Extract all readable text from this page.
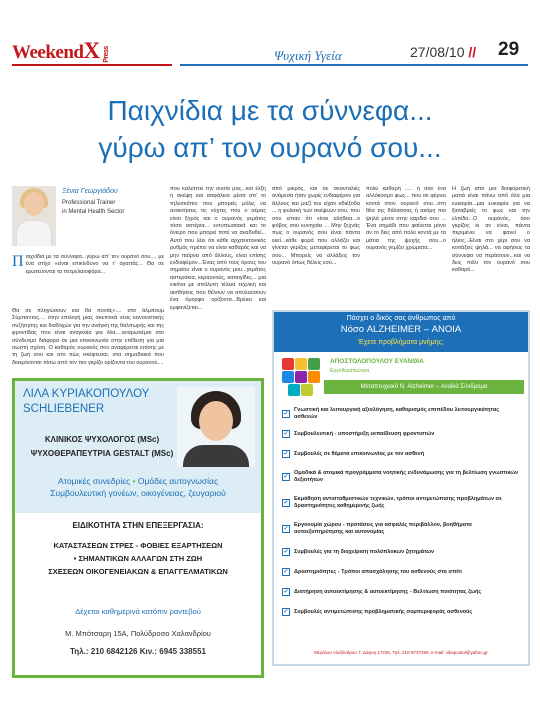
WeekendX Press	Ψυχική Υγεία	27/08/10 // 29
Παιχνίδια με τα σύννεφα...
γύρω απ’ τον ουρανό σου...
Ξένια Γεωργιάδου
Professional Trainer
in Mental Health Sector
Παιχνίδια με τα σύννεφα...γύρω απ’ τον ουρανό σου.... με ένα στίχο «είναι επικίνδυνο να τ’ αγαπάς... Θα σε ερωτεύονται τα πετρελαιοφόρα...
Θα σε πληγώσουν και θα πονάς».... στο άλμπουμ Σύμπαντος.... στην επιλογή μιας σκεπτικά νέας κανονιστικής συζήτησης και διαδοχών για την ανάγκη της θαλπωρής και της φροντίδας που είναι αναγκαία για όλα....αναρωτιέμαι στο σύνδεσμο διάφορα σε μια επικοινωνία στην επίθεση για μια σωστή σχέση. Ο καθαρός ουρανός σου αναφέρεται επίσης με τη ζωή σου και στο πώς σκέφτεσαι, στα σημαδιακά που διακρίνονται πίσω από τον πιο γκρίζο ορίζοντα του ουρανού....
που καλύπτει την ουσία μας...και έλξη η σκέψη και ασφάλεια μέσα απ’ το τηλεσκόπιο που μπορείς μόλις να ανακτήσεις τις νύχτες που ο αέρας είναι ξηρός και ο ουρανός γεμάτος τόσο αστέρια... εντυπωσιακά και το όνειρο που μπορεί ποτέ να αναδυθεί... Αυτό που λέει ότι κάθε αρχιτεκτονικός ρυθμός πρέπει να είναι καθαρός και να μην παίρνει από άλλους, είναι επίσης ενδιαφέρον...Ένας από τους όρους του σημείου είναι ο ουρανός μου...γεμάτος αστεράκια, κεραυνούς, καταιγίδες... μια εικόνα με απόλυτη τέλεια τεχνική και αισθήσεις που θέλουν να απολαύσουν ένα όμορφο ορίζοντα...Βρέκει και εμφανίζεται...
από μικρός, και σε σκανταλιές ανάμεσα ήταν χωρίς ενδιαφέρον για άλλους και μαζί του είχαν αδιέξοδα ... η φυλακή των σκέψεών σου, που σου είπαν ότι είναι αλήθεια...ο φόβος σου κυνηγάει ... Μην ξεχνάς πως ο ουρανός σου είναι πάντα εκεί...κάθε φορά που αλλάζει και γίνεται γκρίζος μεταφέρεται το φως σου... Μπορείς να αλλάξεις τον ουρανό όπως θέλεις εσύ...
πολύ καθαρή ..... ή σαν ένα αλλόκοσμο φως... που σε φέρνει κοντά στον ουρανό σου...στη θέα της θάλασσας ή ακόμη πιο ψηλά μέσα στην καρδιά σου ... Ένα σημάδι που φαίνεται μόνο αν το δεις από πολύ κοντά με τα μάτια της ψυχής σου...ο ουρανός γεμίζει χρώματα...
Η ζωή από μια διαφορετική ματιά είναι πάνω από όλα μια ευκαιρία...μια ευκαιρία για να ξαναβρείς το φως και την ελπίδα...Ο ουρανός, όσο γκρίζος κι αν είναι, πάντα περιμένει να φανεί ο ήλιος...Είναι στο χέρι σου να κοιτάξεις ψηλά... να αφήσεις τα σύννεφα να περάσουν...και να δεις πάλι τον ουρανό σου καθαρό...
ΛΙΛΑ ΚΥΡΙΑΚΟΠΟΥΛΟΥ
SCHLIEBENER
ΚΛΙΝΙΚΟΣ ΨΥΧΟΛΟΓΟΣ (MSc)
ΨΥΧΟΘΕΡΑΠΕΥΤΡΙΑ GESTALT (MSc)
Ατομικές συνεδρίες • Ομάδες αυτογνωσίας
Συμβουλευτική γονέων, οικογένειας, ζευγαριού
ΕΙΔΙΚΟΤΗΤΑ ΣΤΗΝ ΕΠΕΞΕΡΓΑΣΙΑ:
ΚΑΤΑΣΤΑΣΕΩΝ ΣΤΡΕΣ - ΦΟΒΙΕΣ ΕΞΑΡΤΗΣΕΩΝ
• ΣΗΜΑΝΤΙΚΩΝ ΑΛΛΑΓΩΝ ΣΤΗ ΖΩΗ
ΣΧΕΣΕΩΝ ΟΙΚΟΓΕΝΕΙΑΚΩΝ & ΕΠΑΓΓΕΛΜΑΤΙΚΩΝ
Δέχεται καθημερινά κατόπιν ραντεβού
Μ. Μπότσαρη 15Α, Πολύδροσο Χαλανδρίου
Τηλ.: 210 6842126 Κιν.: 6945 338551
Πάσχει ο δικός σας άνθρωπος από
Νόσο ALZHEIMER – ΑΝΟΙΑ
Έχετε προβλήματα μνήμης;
ΑΠΟΣΤΟΛΟΠΟΥΛΟΥ ΕΥΑΝΘΙΑ
Εργοθεραπεύτρια
Μεταπτυχιακό Ν. Alzheimer – Ανοϊκά Σύνδρομα
✓
Γνωστική και λειτουργική αξιολόγηση, καθορισμός επιπέδου λειτουργικότητας ασθενών
✓ Συμβουλευτική - υποστήριξη εκπαίδευση φροντιστών
✓ Συμβουλές σε θέματα επικοινωνίας με τον ασθενή
✓
Ομαδικά & ατομικά προγράμματα νοητικής ενδυνάμωσης για τη βελτίωση γνωστικών δεξιοτήτων
✓
Εκμάθηση αντισταθμιστικών τεχνικών, τρόποι αντιμετώπισης προβλημάτων σε δραστηριότητες καθημερινής ζωής
✓
Εργονομία χώρου - προτάσεις για ασφαλές περιβάλλον, βοηθήματα αυτοεξυπηρέτησης και αυτονομίας
✓ Συμβουλές για τη διαχείριση πολύπλοκων ζητημάτων
✓ Δραστηριότητες - Τρόποι απασχόλησης του ασθενούς στο σπίτι
✓ Διατήρηση αυτοεκτίμησης & αυτοεκτίμησης - Βελτίωση ποιότητας ζωής
✓ Συμβουλές αντιμετώπισης προβληματικής συμπεριφοράς ασθενούς
Μεγάλου Αλεξάνδρου 7, Δάφνη 17235, Τηλ: 210-9737290, e-mail: vikapostol@yahoo.gr
